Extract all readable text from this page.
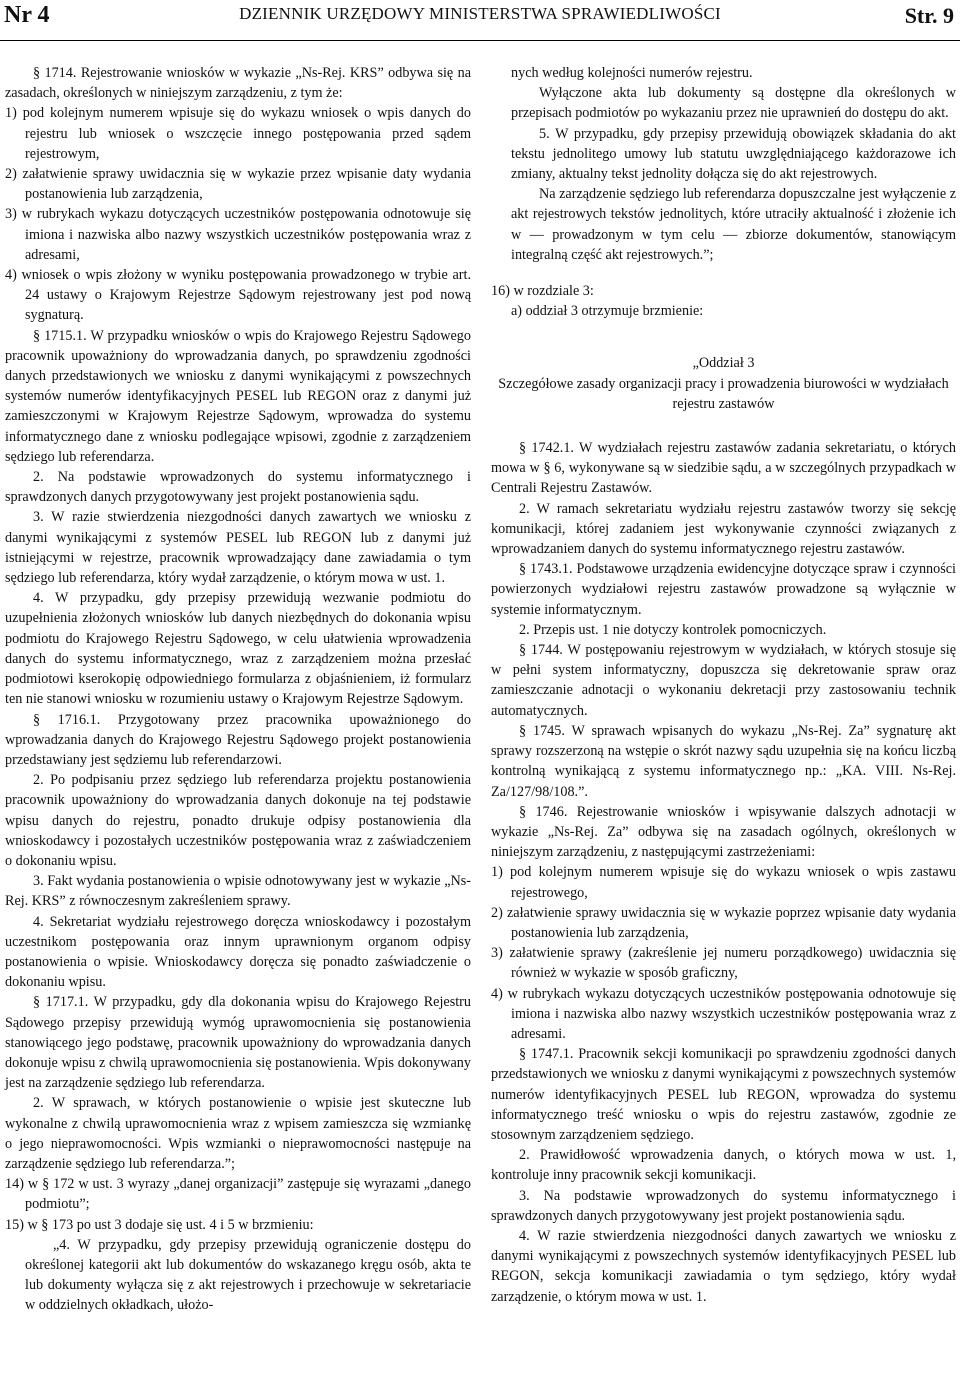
Nr 4	DZIENNIK URZĘDOWY MINISTERSTWA SPRAWIEDLIWOŚCI	Str. 9

§ 1714. Rejestrowanie wniosków w wykazie „Ns-Rej. KRS” odbywa się na zasadach, określonych w niniejszym zarządzeniu, z tym że:

1) pod kolejnym numerem wpisuje się do wykazu wniosek o wpis danych do rejestru lub wniosek o wszczęcie innego postępowania przed sądem rejestrowym,

2) załatwienie sprawy uwidacznia się w wykazie przez wpisanie daty wydania postanowienia lub zarządzenia,

3) w rubrykach wykazu dotyczących uczestników postępowania odnotowuje się imiona i nazwiska albo nazwy wszystkich uczestników postępowania wraz z adresami,

4) wniosek o wpis złożony w wyniku postępowania prowadzonego w trybie art. 24 ustawy o Krajowym Rejestrze Sądowym rejestrowany jest pod nową sygnaturą.

§ 1715.1. W przypadku wniosków o wpis do Krajowego Rejestru Sądowego pracownik upoważniony do wprowadzania danych, po sprawdzeniu zgodności danych przedstawionych we wniosku z danymi wynikającymi z powszechnych systemów numerów identyfikacyjnych PESEL lub REGON oraz z danymi już zamieszczonymi w Krajowym Rejestrze Sądowym, wprowadza do systemu informatycznego dane z wniosku podlegające wpisowi, zgodnie z zarządzeniem sędziego lub referendarza.

2. Na podstawie wprowadzonych do systemu informatycznego i sprawdzonych danych przygotowywany jest projekt postanowienia sądu.

3. W razie stwierdzenia niezgodności danych zawartych we wniosku z danymi wynikającymi z systemów PESEL lub REGON lub z danymi już istniejącymi w rejestrze, pracownik wprowadzający dane zawiadamia o tym sędziego lub referendarza, który wydał zarządzenie, o którym mowa w ust. 1.

4. W przypadku, gdy przepisy przewidują wezwanie podmiotu do uzupełnienia złożonych wniosków lub danych niezbędnych do dokonania wpisu podmiotu do Krajowego Rejestru Sądowego, w celu ułatwienia wprowadzenia danych do systemu informatycznego, wraz z zarządzeniem można przesłać podmiotowi kserokopię odpowiedniego formularza z objaśnieniem, iż formularz ten nie stanowi wniosku w rozumieniu ustawy o Krajowym Rejestrze Sądowym.

§ 1716.1. Przygotowany przez pracownika upoważnionego do wprowadzania danych do Krajowego Rejestru Sądowego projekt postanowienia przedstawiany jest sędziemu lub referendarzowi.

2. Po podpisaniu przez sędziego lub referendarza projektu postanowienia pracownik upoważniony do wprowadzania danych dokonuje na tej podstawie wpisu danych do rejestru, ponadto drukuje odpisy postanowienia dla wnioskodawcy i pozostałych uczestników postępowania wraz z zaświadczeniem o dokonaniu wpisu.

3. Fakt wydania postanowienia o wpisie odnotowywany jest w wykazie „Ns-Rej. KRS” z równoczesnym zakreśleniem sprawy.

4. Sekretariat wydziału rejestrowego doręcza wnioskodawcy i pozostałym uczestnikom postępowania oraz innym uprawnionym organom odpisy postanowienia o wpisie. Wnioskodawcy doręcza się ponadto zaświadczenie o dokonaniu wpisu.

§ 1717.1. W przypadku, gdy dla dokonania wpisu do Krajowego Rejestru Sądowego przepisy przewidują wymóg uprawomocnienia się postanowienia stanowiącego jego podstawę, pracownik upoważniony do wprowadzania danych dokonuje wpisu z chwilą uprawomocnienia się postanowienia. Wpis dokonywany jest na zarządzenie sędziego lub referendarza.

2. W sprawach, w których postanowienie o wpisie jest skuteczne lub wykonalne z chwilą uprawomocnienia wraz z wpisem zamieszcza się wzmiankę o jego nieprawomocności. Wpis wzmianki o nieprawomocności następuje na zarządzenie sędziego lub referendarza.”;

14) w § 172 w ust. 3 wyrazy „danej organizacji” zastępuje się wyrazami „danego podmiotu”;

15) w § 173 po ust 3 dodaje się ust. 4 i 5 w brzmieniu:

„4. W przypadku, gdy przepisy przewidują ograniczenie dostępu do określonej kategorii akt lub dokumentów do wskazanego kręgu osób, akta te lub dokumenty wyłącza się z akt rejestrowych i przechowuje w sekretariacie w oddzielnych okładkach, ułożo-

nych według kolejności numerów rejestru.

Wyłączone akta lub dokumenty są dostępne dla określonych w przepisach podmiotów po wykazaniu przez nie uprawnień do dostępu do akt.

5. W przypadku, gdy przepisy przewidują obowiązek składania do akt tekstu jednolitego umowy lub statutu uwzględniającego każdorazowe ich zmiany, aktualny tekst jednolity dołącza się do akt rejestrowych.

Na zarządzenie sędziego lub referendarza dopuszczalne jest wyłączenie z akt rejestrowych tekstów jednolitych, które utraciły aktualność i złożenie ich w — prowadzonym w tym celu — zbiorze dokumentów, stanowiącym integralną część akt rejestrowych.”;

16) w rozdziale 3:

a) oddział 3 otrzymuje brzmienie:

„Oddział 3

Szczegółowe zasady organizacji pracy i prowadzenia biurowości w wydziałach rejestru zastawów

§ 1742.1. W wydziałach rejestru zastawów zadania sekretariatu, o których mowa w § 6, wykonywane są w siedzibie sądu, a w szczególnych przypadkach w Centrali Rejestru Zastawów.

2. W ramach sekretariatu wydziału rejestru zastawów tworzy się sekcję komunikacji, której zadaniem jest wykonywanie czynności związanych z wprowadzaniem danych do systemu informatycznego rejestru zastawów.

§ 1743.1. Podstawowe urządzenia ewidencyjne dotyczące spraw i czynności powierzonych wydziałowi rejestru zastawów prowadzone są wyłącznie w systemie informatycznym.

2. Przepis ust. 1 nie dotyczy kontrolek pomocniczych.

§ 1744. W postępowaniu rejestrowym w wydziałach, w których stosuje się w pełni system informatyczny, dopuszcza się dekretowanie spraw oraz zamieszczanie adnotacji o wykonaniu dekretacji przy zastosowaniu technik automatycznych.

§ 1745. W sprawach wpisanych do wykazu „Ns-Rej. Za” sygnaturę akt sprawy rozszerzoną na wstępie o skrót nazwy sądu uzupełnia się na końcu liczbą kontrolną wynikającą z systemu informatycznego np.: „KA. VIII. Ns-Rej. Za/127/98/108.”.

§ 1746. Rejestrowanie wniosków i wpisywanie dalszych adnotacji w wykazie „Ns-Rej. Za” odbywa się na zasadach ogólnych, określonych w niniejszym zarządzeniu, z następującymi zastrzeżeniami:

1) pod kolejnym numerem wpisuje się do wykazu wniosek o wpis zastawu rejestrowego,

2) załatwienie sprawy uwidacznia się w wykazie poprzez wpisanie daty wydania postanowienia lub zarządzenia,

3) załatwienie sprawy (zakreślenie jej numeru porządkowego) uwidacznia się również w wykazie w sposób graficzny,

4) w rubrykach wykazu dotyczących uczestników postępowania odnotowuje się imiona i nazwiska albo nazwy wszystkich uczestników postępowania wraz z adresami.

§ 1747.1. Pracownik sekcji komunikacji po sprawdzeniu zgodności danych przedstawionych we wniosku z danymi wynikającymi z powszechnych systemów numerów identyfikacyjnych PESEL lub REGON, wprowadza do systemu informatycznego treść wniosku o wpis do rejestru zastawów, zgodnie ze stosownym zarządzeniem sędziego.

2. Prawidłowość wprowadzenia danych, o których mowa w ust. 1, kontroluje inny pracownik sekcji komunikacji.

3. Na podstawie wprowadzonych do systemu informatycznego i sprawdzonych danych przygotowywany jest projekt postanowienia sądu.

4. W razie stwierdzenia niezgodności danych zawartych we wniosku z danymi wynikającymi z powszechnych systemów identyfikacyjnych PESEL lub REGON, sekcja komunikacji zawiadamia o tym sędziego, który wydał zarządzenie, o którym mowa w ust. 1.
